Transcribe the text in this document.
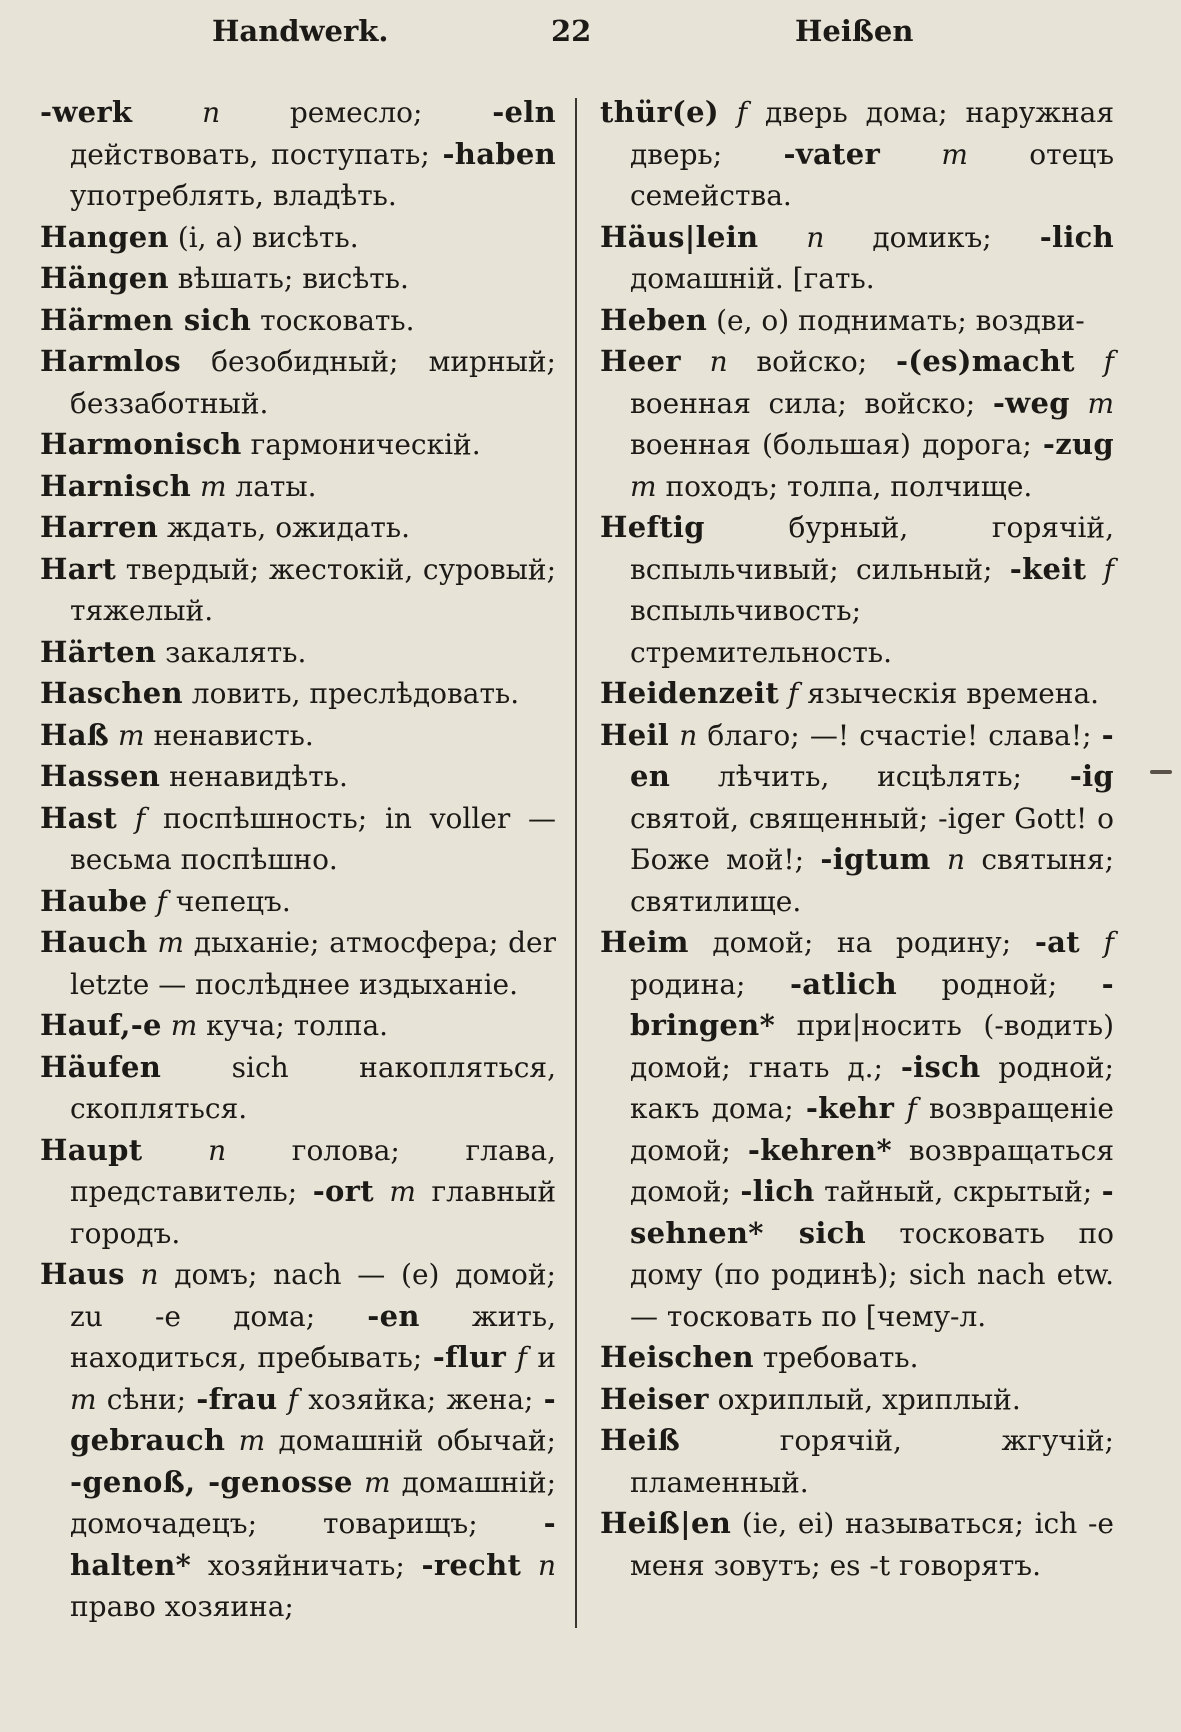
Handwerk.	22	Heißen

-werk n ремесло; -eln действовать, поступать; -haben употреблять, владѣть.

Hangen (i, a) висѣть.

Hängen вѣшать; висѣть.

Härmen sich тосковать.

Harmlos безобидный; мирный; беззаботный.

Harmonisch гармоническій.

Harnisch m латы.

Harren ждать, ожидать.

Hart твердый; жестокій, суровый; тяжелый.

Härten закалять.

Haschen ловить, преслѣдовать.

Haß m ненависть.

Hassen ненавидѣть.

Hast f поспѣшность; in voller — весьма поспѣшно.

Haube f чепецъ.

Hauch m дыханіе; атмосфера; der letzte — послѣднее издыханіе.

Hauf,-e m куча; толпа.

Häufen sich накопляться, скопляться.

Haupt n голова; глава, представитель; -ort m главный городъ.

Haus n домъ; nach — (e) домой; zu -e дома; -en жить, находиться, пребывать; -flur f и m сѣни; -frau f хозяйка; жена; -gebrauch m домашній обычай; -genoß, -genosse m домашній; домочадецъ; товарищъ; -halten* хозяйничать; -recht n право хозяина;

thür(e) f дверь дома; наружная дверь; -vater m отецъ семейства.

Häus|lein n домикъ; -lich домашній. [гать.

Heben (e, o) поднимать; воздви-

Heer n войско; -(es)macht f военная сила; войско; -weg m военная (большая) дорога; -zug m походъ; толпа, полчище.

Heftig бурный, горячій, вспыльчивый; сильный; -keit f вспыльчивость; стремительность.

Heidenzeit f языческія времена.

Heil n благо; —! счастіе! слава!; -en лѣчить, исцѣлять; -ig святой, священный; -iger Gott! о Боже мой!; -igtum n святыня; святилище.

Heim домой; на родину; -at f родина; -atlich родной; -bringen* при|носить (-водить) домой; гнать д.; -isch родной; какъ дома; -kehr f возвращеніе домой; -kehren* возвращаться домой; -lich тайный, скрытый; -sehnen* sich тосковать по дому (по родинѣ); sich nach etw. — тосковать по [чему-л.

Heischen требовать.

Heiser охриплый, хриплый.

Heiß горячій, жгучій; пламенный.

Heiß|en (ie, ei) называться; ich -e меня зовутъ; es -t говорятъ.
